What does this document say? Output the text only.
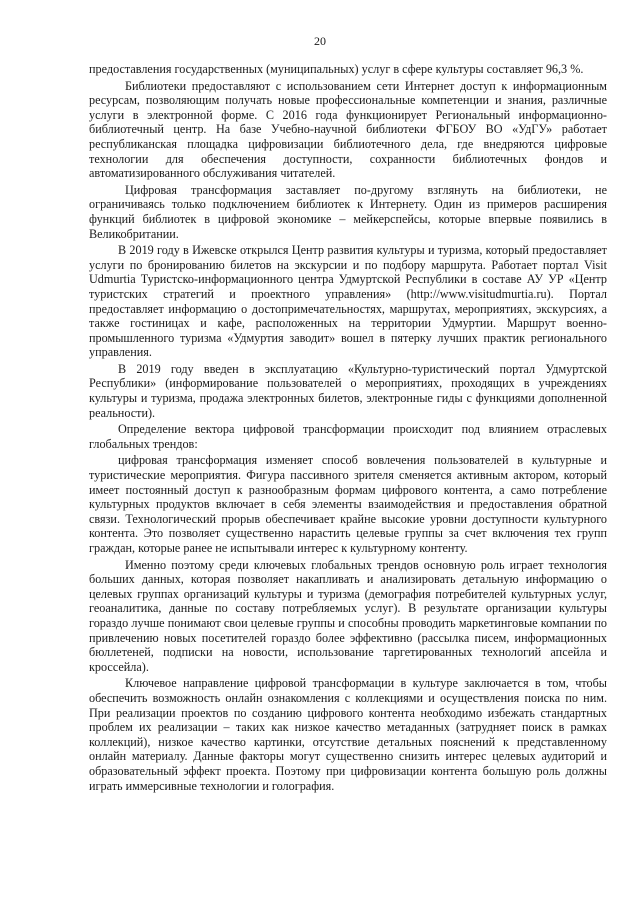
20

предоставления государственных (муниципальных) услуг в сфере культуры составляет 96,3 %.

Библиотеки предоставляют с использованием сети Интернет доступ к информационным ресурсам, позволяющим получать новые профессиональные компетенции и знания, различные услуги в электронной форме. С 2016 года функционирует Региональный информационно-библиотечный центр. На базе Учебно-научной библиотеки ФГБОУ ВО «УдГУ» работает республиканская площадка цифровизации библиотечного дела, где внедряются цифровые технологии для обеспечения доступности, сохранности библиотечных фондов и автоматизированного обслуживания читателей.

Цифровая трансформация заставляет по-другому взглянуть на библиотеки, не ограничиваясь только подключением библиотек к Интернету. Один из примеров расширения функций библиотек в цифровой экономике – мейкерспейсы, которые впервые появились в Великобритании.

В 2019 году в Ижевске открылся Центр развития культуры и туризма, который предоставляет услуги по бронированию билетов на экскурсии и по подбору маршрута. Работает портал Visit Udmurtia Туристско-информационного центра Удмуртской Республики в составе АУ УР «Центр туристских стратегий и проектного управления» (http://www.visitudmurtia.ru). Портал предоставляет информацию о достопримечательностях, маршрутах, мероприятиях, экскурсиях, а также гостиницах и кафе, расположенных на территории Удмуртии. Маршрут военно-промышленного туризма «Удмуртия заводит» вошел в пятерку лучших практик регионального управления.

В 2019 году введен в эксплуатацию «Культурно-туристический портал Удмуртской Республики» (информирование пользователей о мероприятиях, проходящих в учреждениях культуры и туризма, продажа электронных билетов, электронные гиды с функциями дополненной реальности).

Определение вектора цифровой трансформации происходит под влиянием отраслевых глобальных трендов:

цифровая трансформация изменяет способ вовлечения пользователей в культурные и туристические мероприятия. Фигура пассивного зрителя сменяется активным актором, который имеет постоянный доступ к разнообразным формам цифрового контента, а само потребление культурных продуктов включает в себя элементы взаимодействия и предоставления обратной связи. Технологический прорыв обеспечивает крайне высокие уровни доступности культурного контента. Это позволяет существенно нарастить целевые группы за счет включения тех групп граждан, которые ранее не испытывали интерес к культурному контенту.

Именно поэтому среди ключевых глобальных трендов основную роль играет технология больших данных, которая позволяет накапливать и анализировать детальную информацию о целевых группах организаций культуры и туризма (демография потребителей культурных услуг, геоаналитика, данные по составу потребляемых услуг). В результате организации культуры гораздо лучше понимают свои целевые группы и способны проводить маркетинговые компании по привлечению новых посетителей гораздо более эффективно (рассылка писем, информационных бюллетеней, подписки на новости, использование таргетированных технологий апсейла и кроссейла).

Ключевое направление цифровой трансформации в культуре заключается в том, чтобы обеспечить возможность онлайн ознакомления с коллекциями и осуществления поиска по ним. При реализации проектов по созданию цифрового контента необходимо избежать стандартных проблем их реализации – таких как низкое качество метаданных (затрудняет поиск в рамках коллекций), низкое качество картинки, отсутствие детальных пояснений к представленному онлайн материалу. Данные факторы могут существенно снизить интерес целевых аудиторий и образовательный эффект проекта. Поэтому при цифровизации контента большую роль должны играть иммерсивные технологии и голография.
